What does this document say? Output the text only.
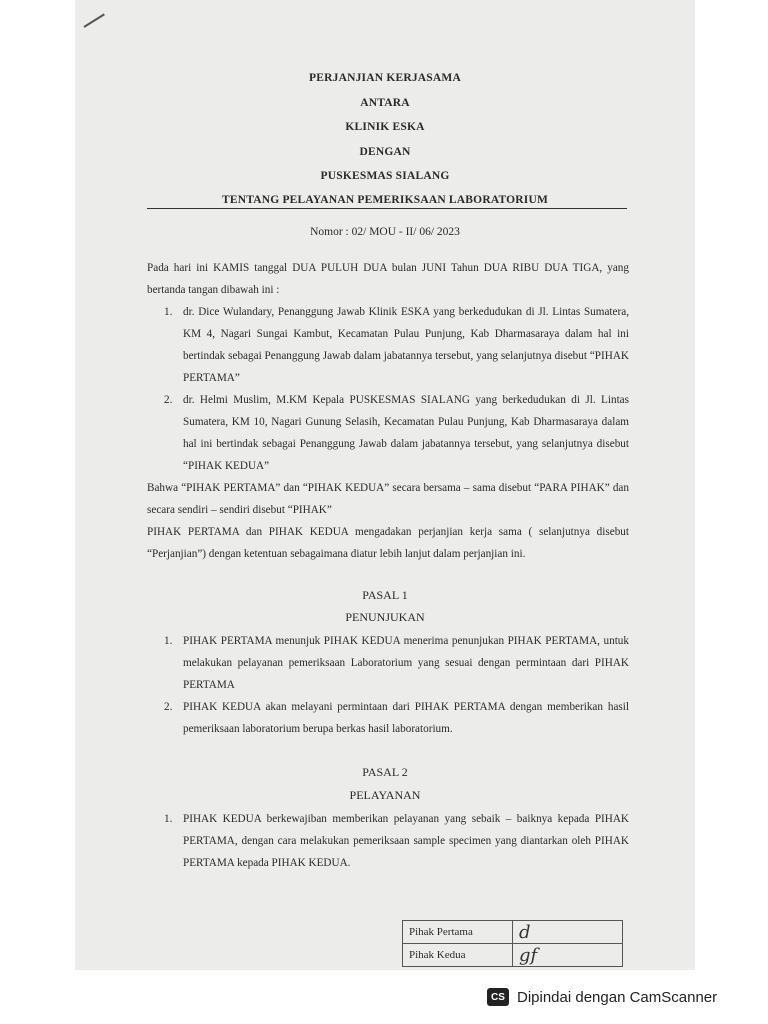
PERJANJIAN KERJASAMA
ANTARA
KLINIK ESKA
DENGAN
PUSKESMAS SIALANG
TENTANG PELAYANAN PEMERIKSAAN LABORATORIUM
Nomor : 02/ MOU - II/ 06/ 2023
Pada hari ini KAMIS tanggal DUA PULUH DUA bulan JUNI Tahun DUA RIBU DUA TIGA, yang bertanda tangan dibawah ini :
1. dr. Dice Wulandary, Penanggung Jawab Klinik ESKA yang berkedudukan di Jl. Lintas Sumatera, KM 4, Nagari Sungai Kambut, Kecamatan Pulau Punjung, Kab Dharmasaraya dalam hal ini bertindak sebagai Penanggung Jawab dalam jabatannya tersebut, yang selanjutnya disebut “PIHAK PERTAMA”
2. dr. Helmi Muslim, M.KM Kepala PUSKESMAS SIALANG yang berkedudukan di Jl. Lintas Sumatera, KM 10, Nagari Gunung Selasih, Kecamatan Pulau Punjung, Kab Dharmasaraya dalam hal ini bertindak sebagai Penanggung Jawab dalam jabatannya tersebut, yang selanjutnya disebut “PIHAK KEDUA”
Bahwa “PIHAK PERTAMA” dan “PIHAK KEDUA” secara bersama – sama disebut “PARA PIHAK” dan secara sendiri – sendiri disebut “PIHAK”
PIHAK PERTAMA dan PIHAK KEDUA mengadakan perjanjian kerja sama ( selanjutnya disebut “Perjanjian”) dengan ketentuan sebagaimana diatur lebih lanjut dalam perjanjian ini.
PASAL 1
PENUNJUKAN
1. PIHAK PERTAMA menunjuk PIHAK KEDUA menerima penunjukan PIHAK PERTAMA, untuk melakukan pelayanan pemeriksaan Laboratorium yang sesuai dengan permintaan dari PIHAK PERTAMA
2. PIHAK KEDUA akan melayani permintaan dari PIHAK PERTAMA dengan memberikan hasil pemeriksaan laboratorium berupa berkas hasil laboratorium.
PASAL 2
PELAYANAN
1. PIHAK KEDUA berkewajiban memberikan pelayanan yang sebaik – baiknya kepada PIHAK PERTAMA, dengan cara melakukan pemeriksaan sample specimen yang diantarkan oleh PIHAK PERTAMA kepada PIHAK KEDUA.
Pihak Pertama	d
Pihak Kedua	gf
CS Dipindai dengan CamScanner
